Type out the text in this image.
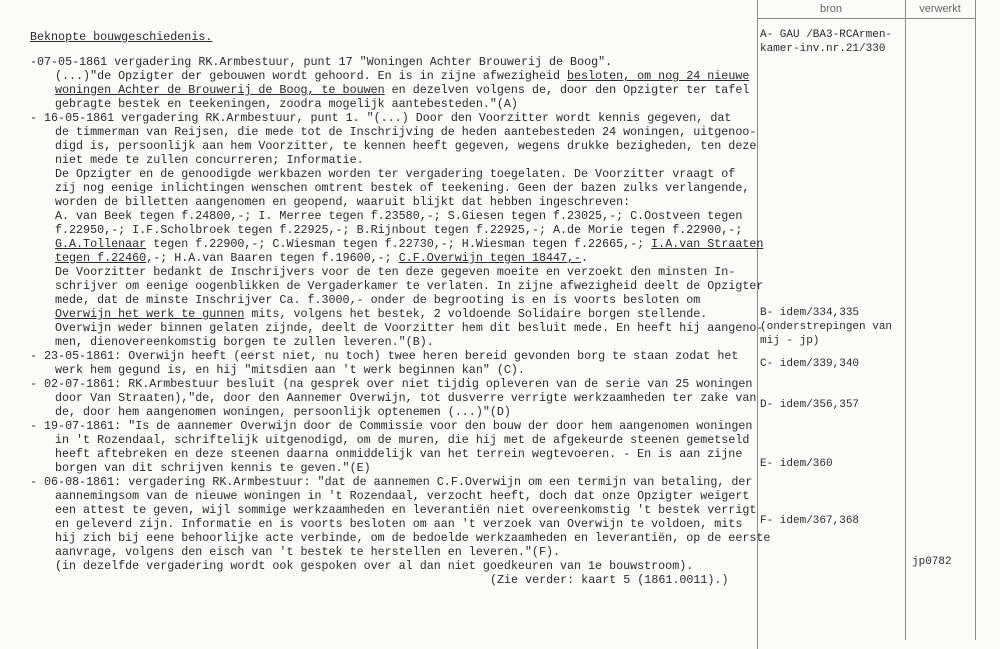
bron	verwerkt
Beknopte bouwgeschiedenis.
-07-05-1861 vergadering RK.Armbestuur, punt 17 "Woningen Achter Brouwerij de Boog".
(...)"de Opzigter der gebouwen wordt gehoord. En is in zijne afwezigheid besloten, om nog 24 nieuwe
woningen Achter de Brouwerij de Boog, te bouwen en dezelven volgens de, door den Opzigter ter tafel
gebragte bestek en teekeningen, zoodra mogelijk aantebesteden."(A)
- 16-05-1861 vergadering RK.Armbestuur, punt 1. "(...) Door den Voorzitter wordt kennis gegeven, dat
de timmerman van Reijsen, die mede tot de Inschrijving de heden aantebesteden 24 woningen, uitgenoo-
digd is, persoonlijk aan hem Voorzitter, te kennen heeft gegeven, wegens drukke bezigheden, ten deze
niet mede te zullen concurreren; Informatie.
De Opzigter en de genoodigde werkbazen worden ter vergadering toegelaten. De Voorzitter vraagt of
zij nog eenige inlichtingen wenschen omtrent bestek of teekening. Geen der bazen zulks verlangende,
worden de billetten aangenomen en geopend, waaruit blijkt dat hebben ingeschreven:
A. van Beek tegen f.24800,-; I. Merree tegen f.23580,-; S.Giesen tegen f.23025,-; C.Oostveen tegen
f.22950,-; I.F.Scholbroek tegen f.22925,-; B.Rijnbout tegen f.22925,-; A.de Morie tegen f.22900,-;
G.A.Tollenaar tegen f.22900,-; C.Wiesman tegen f.22730,-; H.Wiesman tegen f.22665,-; I.A.van Straaten
tegen f.22460,-; H.A.van Baaren tegen f.19600,-; C.F.Overwijn tegen 18447,-.
De Voorzitter bedankt de Inschrijvers voor de ten deze gegeven moeite en verzoekt den minsten In-
schrijver om eenige oogenblikken de Vergaderkamer te verlaten. In zijne afwezigheid deelt de Opzigter
mede, dat de minste Inschrijver Ca. f.3000,- onder de begrooting is en is voorts besloten om
Overwijn het werk te gunnen mits, volgens het bestek, 2 voldoende Solidaire borgen stellende.
Overwijn weder binnen gelaten zijnde, deelt de Voorzitter hem dit besluit mede. En heeft hij aangeno-
men, dienovereenkomstig borgen te zullen leveren."(B).
- 23-05-1861: Overwijn heeft (eerst niet, nu toch) twee heren bereid gevonden borg te staan zodat het
werk hem gegund is, en hij "mitsdien aan 't werk beginnen kan" (C).
- 02-07-1861: RK.Armbestuur besluit (na gesprek over niet tijdig opleveren van de serie van 25 woningen
door Van Straaten),"de, door den Aannemer Overwijn, tot dusverre verrigte werkzaamheden ter zake van
de, door hem aangenomen woningen, persoonlijk optenemen (...)"(D)
- 19-07-1861: "Is de aannemer Overwijn door de Commissie voor den bouw der door hem aangenomen woningen
in 't Rozendaal, schriftelijk uitgenodigd, om de muren, die hij met de afgekeurde steenen gemetseld
heeft aftebreken en deze steenen daarna onmiddelijk van het terrein wegtevoeren. - En is aan zijne
borgen van dit schrijven kennis te geven."(E)
- 06-08-1861: vergadering RK.Armbestuur: "dat de aannemen C.F.Overwijn om een termijn van betaling, der
aannemingsom van de nieuwe woningen in 't Rozendaal, verzocht heeft, doch dat onze Opzigter weigert
een attest te geven, wijl sommige werkzaamheden en leverantiën niet overeenkomstig 't bestek verrigt
en geleverd zijn. Informatie en is voorts besloten om aan 't verzoek van Overwijn te voldoen, mits
hij zich bij eene behoorlijke acte verbinde, om de bedoelde werkzaamheden en leverantiën, op de eerste
aanvrage, volgens den eisch van 't bestek te herstellen en leveren."(F).
(in dezelfde vergadering wordt ook gespoken over al dan niet goedkeuren van 1e bouwstroom).
(Zie verder: kaart 5 (1861.0011).)
A- GAU /BA3-RCArmen-
kamer-inv.nr.21/330
B- idem/334,335
(onderstrepingen van
mij - jp)
C- idem/339,340
D- idem/356,357
E- idem/360
F- idem/367,368
jp0782
